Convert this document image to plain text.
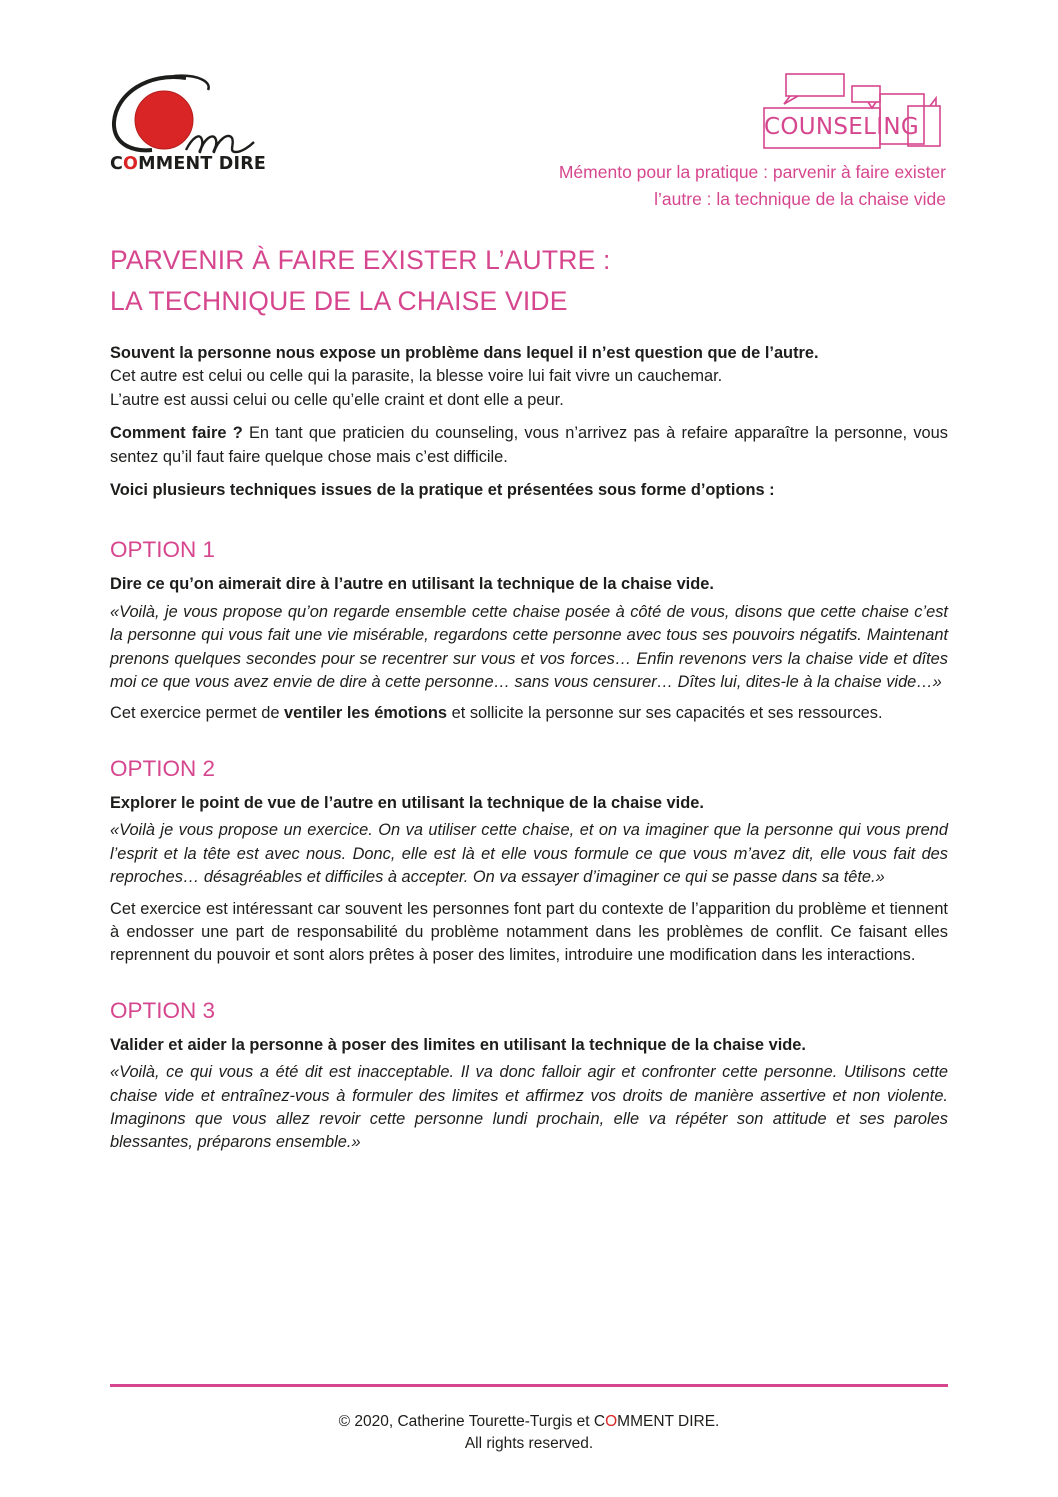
COMMENT DIRE
COUNSELING
Mémento pour la pratique : parvenir à faire exister
l’autre : la technique de la chaise vide
PARVENIR À FAIRE EXISTER L’AUTRE :
LA TECHNIQUE DE LA CHAISE VIDE

Souvent la personne nous expose un problème dans lequel il n’est question que de l’autre.

Cet autre est celui ou celle qui la parasite, la blesse voire lui fait vivre un cauchemar.

L’autre est aussi celui ou celle qu’elle craint et dont elle a peur.

Comment faire ? En tant que praticien du counseling, vous n’arrivez pas à refaire apparaître la personne, vous sentez qu’il faut faire quelque chose mais c’est difficile.

Voici plusieurs techniques issues de la pratique et présentées sous forme d’options :

OPTION 1

Dire ce qu’on aimerait dire à l’autre en utilisant la technique de la chaise vide.

«Voilà, je vous propose qu’on regarde ensemble cette chaise posée à côté de vous, disons que cette chaise c’est la personne qui vous fait une vie misérable, regardons cette personne avec tous ses pouvoirs négatifs. Maintenant prenons quelques secondes pour se recentrer sur vous et vos forces… Enfin revenons vers la chaise vide et dîtes moi ce que vous avez envie de dire à cette personne… sans vous censurer… Dîtes lui, dites-le à la chaise vide…»

Cet exercice permet de ventiler les émotions et sollicite la personne sur ses capacités et ses ressources.

OPTION 2

Explorer le point de vue de l’autre en utilisant la technique de la chaise vide.

«Voilà je vous propose un exercice. On va utiliser cette chaise, et on va imaginer que la personne qui vous prend l’esprit et la tête est avec nous. Donc, elle est là et elle vous formule ce que vous m’avez dit, elle vous fait des reproches… désagréables et difficiles à accepter. On va essayer d’imaginer ce qui se passe dans sa tête.»

Cet exercice est intéressant car souvent les personnes font part du contexte de l’apparition du problème et tiennent à endosser une part de responsabilité du problème notamment dans les problèmes de conflit. Ce faisant elles reprennent du pouvoir et sont alors prêtes à poser des limites, introduire une modification dans les interactions.

OPTION 3

Valider et aider la personne à poser des limites en utilisant la technique de la chaise vide.

«Voilà, ce qui vous a été dit est inacceptable. Il va donc falloir agir et confronter cette personne. Utilisons cette chaise vide et entraînez-vous à formuler des limites et affirmez vos droits de manière assertive et non violente. Imaginons que vous allez revoir cette personne lundi prochain, elle va répéter son attitude et ses paroles blessantes, préparons ensemble.»

© 2020, Catherine Tourette-Turgis et COMMENT DIRE.
All rights reserved.
